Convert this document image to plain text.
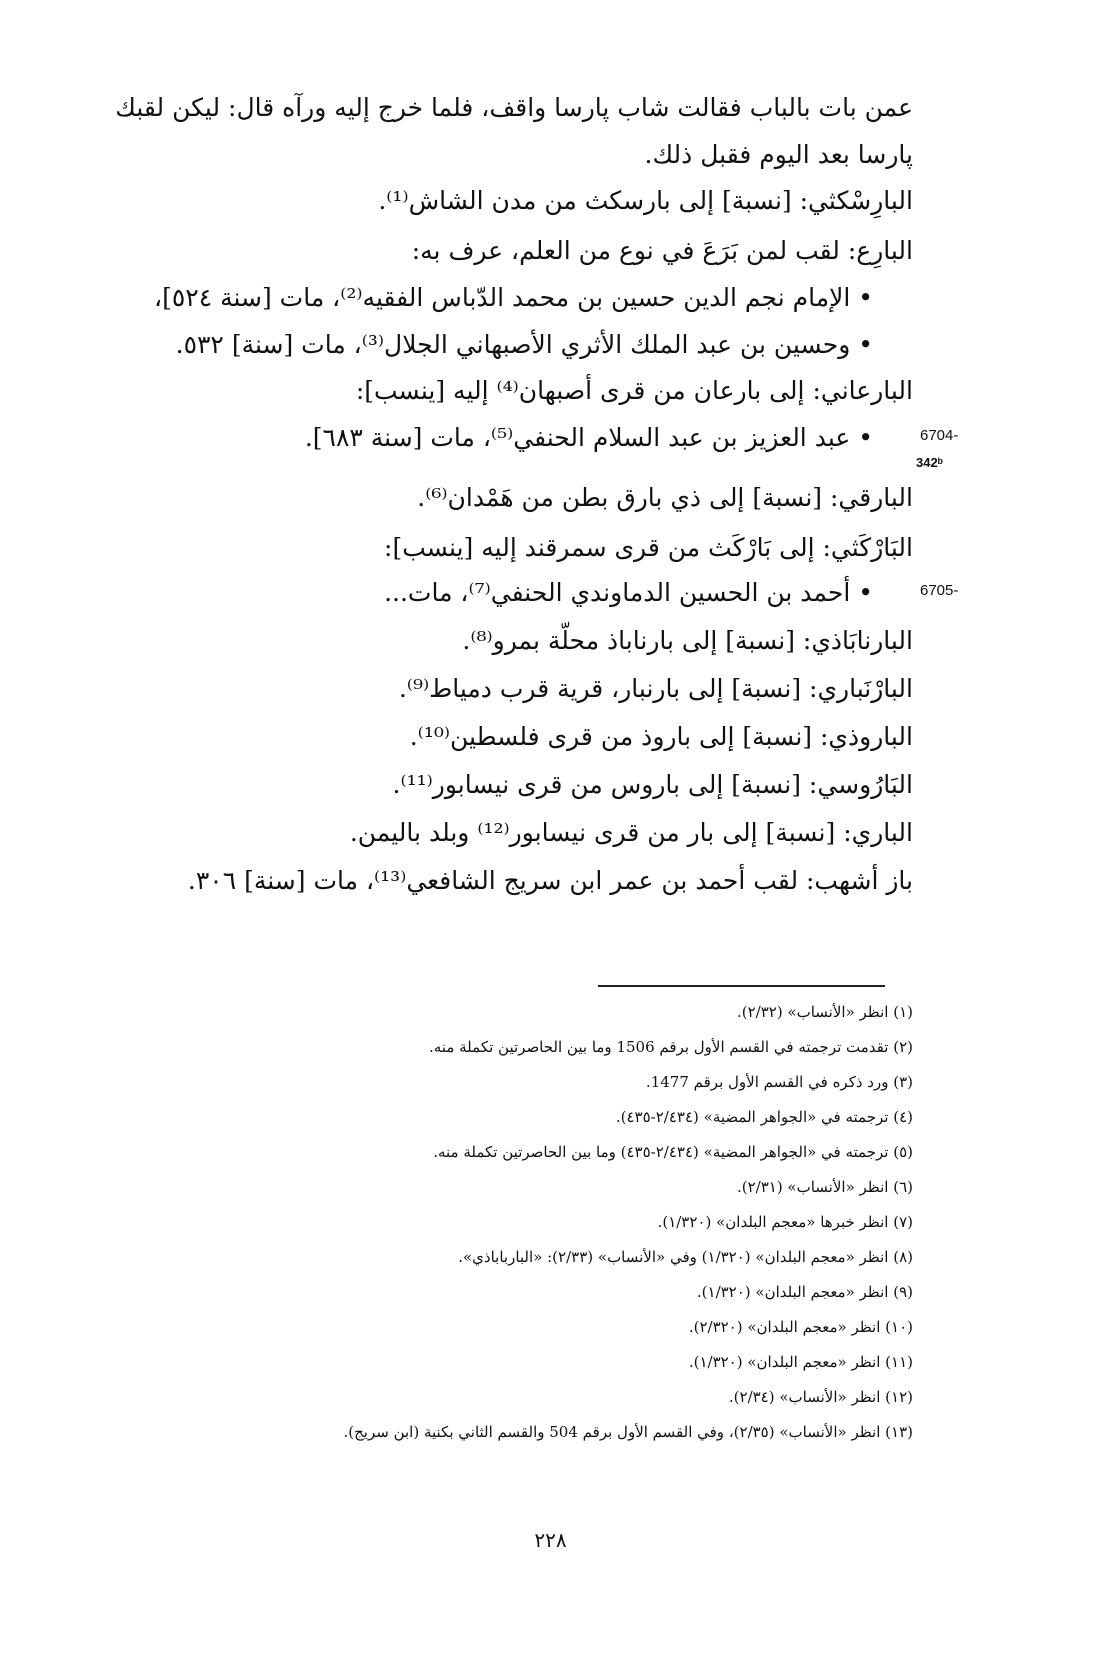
عمن بات بالباب فقالت شاب پارسا واقف، فلما خرج إليه ورآه قال: ليكن لقبك
پارسا بعد اليوم فقبل ذلك.
البارِسْكثي: [نسبة] إلى بارسكث من مدن الشاش⁽¹⁾.
البارِع: لقب لمن بَرَعَ في نوع من العلم، عرف به:
• الإمام نجم الدين حسين بن محمد الدّباس الفقيه⁽²⁾، مات [سنة ٥٢٤]،
• وحسين بن عبد الملك الأثري الأصبهاني الجلال⁽³⁾، مات [سنة] ٥٣٢.
البارعاني: إلى بارعان من قرى أصبهان⁽⁴⁾ إليه [ينسب]:
• عبد العزيز بن عبد السلام الحنفي⁽⁵⁾، مات [سنة ٦٨٣].
البارقي: [نسبة] إلى ذي بارق بطن من هَمْدان⁽⁶⁾.
البَارْكَثي: إلى بَارْكَث من قرى سمرقند إليه [ينسب]:
• أحمد بن الحسين الدماوندي الحنفي⁽⁷⁾، مات...
البارنابَاذي: [نسبة] إلى بارناباذ محلّة بمرو⁽⁸⁾.
البارْنَباري: [نسبة] إلى بارنبار، قرية قرب دمياط⁽⁹⁾.
الباروذي: [نسبة] إلى باروذ من قرى فلسطين⁽¹⁰⁾.
البَارُوسي: [نسبة] إلى باروس من قرى نيسابور⁽¹¹⁾.
الباري: [نسبة] إلى بار من قرى نيسابور⁽¹²⁾ وبلد باليمن.
باز أشهب: لقب أحمد بن عمر ابن سريج الشافعي⁽¹³⁾، مات [سنة] ٣٠٦.
6704-
342ᵇ
6705-
(١) انظر «الأنساب» (٢/٣٢).
(٢) تقدمت ترجمته في القسم الأول برقم 1506 وما بين الحاصرتين تكملة منه.
(٣) ورد ذكره في القسم الأول برقم 1477.
(٤) ترجمته في «الجواهر المضية» (٢/٤٣٤-٤٣٥).
(٥) ترجمته في «الجواهر المضية» (٢/٤٣٤-٤٣٥) وما بين الحاصرتين تكملة منه.
(٦) انظر «الأنساب» (٢/٣١).
(٧) انظر خبرها «معجم البلدان» (١/٣٢٠).
(٨) انظر «معجم البلدان» (١/٣٢٠) وفي «الأنساب» (٢/٣٣): «البارباباذي».
(٩) انظر «معجم البلدان» (١/٣٢٠).
(١٠) انظر «معجم البلدان» (٢/٣٢٠).
(١١) انظر «معجم البلدان» (١/٣٢٠).
(١٢) انظر «الأنساب» (٢/٣٤).
(١٣) انظر «الأنساب» (٢/٣٥)، وفي القسم الأول برقم 504 والقسم الثاني بكنية (ابن سريج).
٢٢٨
